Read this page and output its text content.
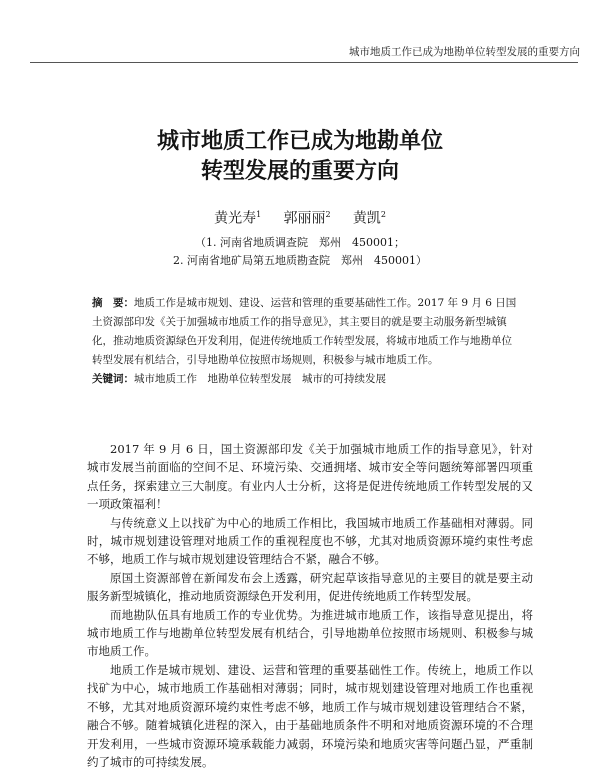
城市地质工作已成为地勘单位转型发展的重要方向
城市地质工作已成为地勘单位
转型发展的重要方向
黄光寿$^1$ 郭丽丽$^2$ 黄凯$^2$
（1. 河南省地质调查院　郑州　450001；
2. 河南省地矿局第五地质勘查院　郑州　450001）
摘　要：地质工作是城市规划、建设、运营和管理的重要基础性工作。2017 年 9 月 6 日国土资源部印发《关于加强城市地质工作的指导意见》，其主要目的就是要主动服务新型城镇化，推动地质资源绿色开发利用，促进传统地质工作转型发展，将城市地质工作与地勘单位转型发展有机结合，引导地勘单位按照市场规则，积极参与城市地质工作。
关键词：城市地质工作　地勘单位转型发展　城市的可持续发展

2017 年 9 月 6 日，国土资源部印发《关于加强城市地质工作的指导意见》，针对城市发展当前面临的空间不足、环境污染、交通拥堵、城市安全等问题统筹部署四项重点任务，探索建立三大制度。有业内人士分析，这将是促进传统地质工作转型发展的又一项政策福利！

与传统意义上以找矿为中心的地质工作相比，我国城市地质工作基础相对薄弱。同时，城市规划建设管理对地质工作的重视程度也不够，尤其对地质资源环境约束性考虑不够，地质工作与城市规划建设管理结合不紧，融合不够。

原国土资源部曾在新闻发布会上透露，研究起草该指导意见的主要目的就是要主动服务新型城镇化，推动地质资源绿色开发利用，促进传统地质工作转型发展。

而地勘队伍具有地质工作的专业优势。为推进城市地质工作，该指导意见提出，将城市地质工作与地勘单位转型发展有机结合，引导地勘单位按照市场规则、积极参与城市地质工作。

地质工作是城市规划、建设、运营和管理的重要基础性工作。传统上，地质工作以找矿为中心，城市地质工作基础相对薄弱；同时，城市规划建设管理对地质工作也重视不够，尤其对地质资源环境约束性考虑不够，地质工作与城市规划建设管理结合不紧，融合不够。随着城镇化进程的深入，由于基础地质条件不明和对地质资源环境的不合理开发利用，一些城市资源环境承载能力减弱，环境污染和地质灾害等问题凸显，严重制约了城市的可持续发展。
